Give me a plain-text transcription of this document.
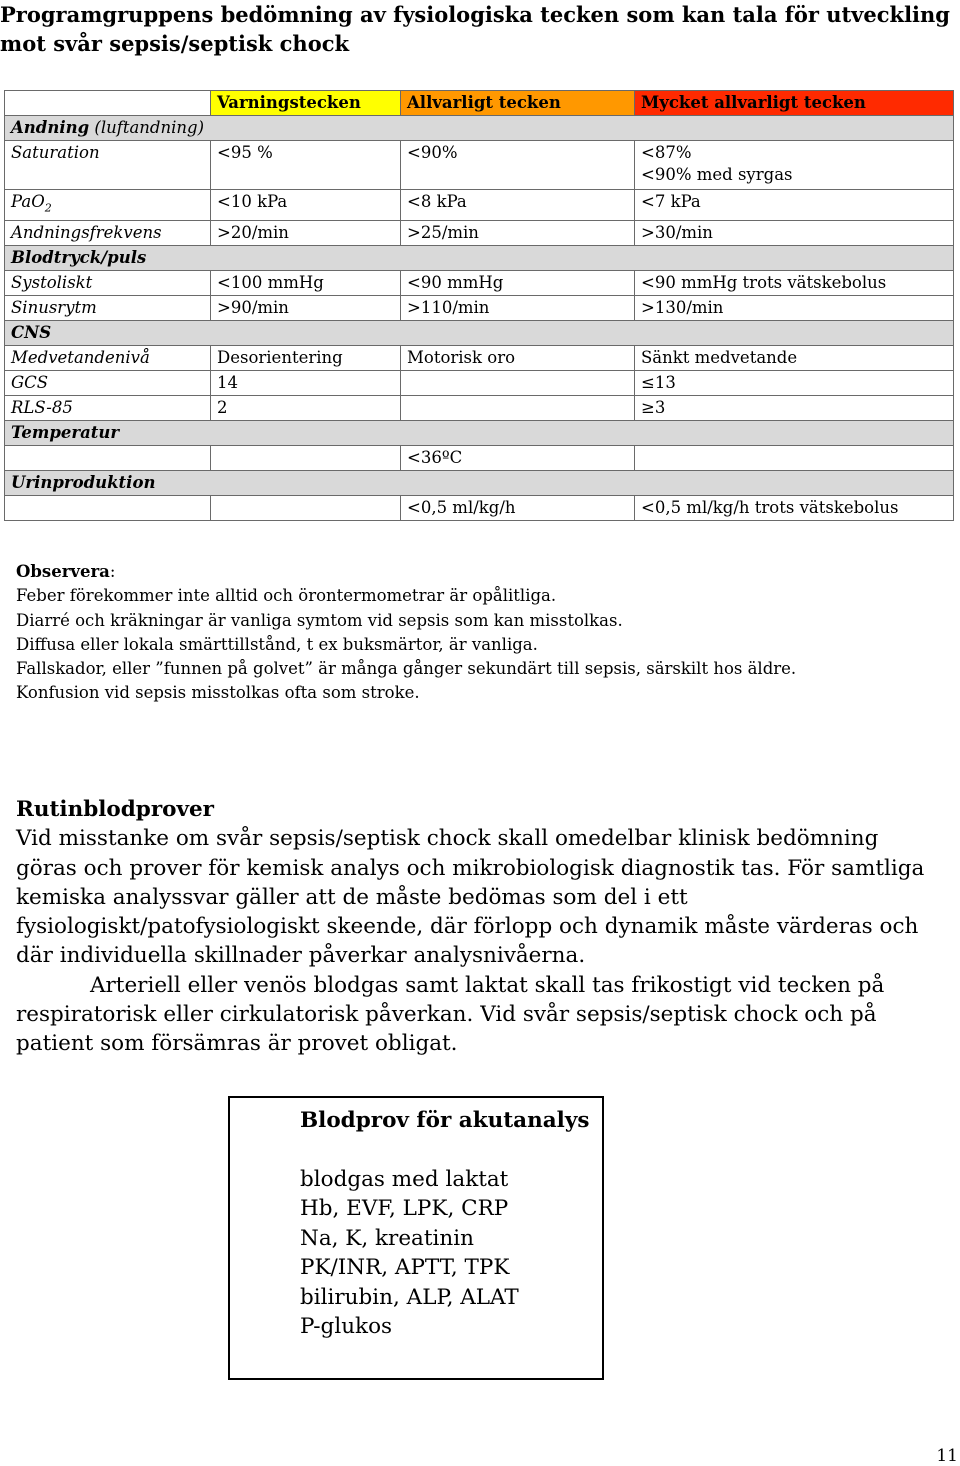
Programgruppens bedömning av fysiologiska tecken som kan tala för utveckling mot svår sepsis/septisk chock
	Varningstecken	Allvarligt tecken	Mycket allvarligt tecken
Andning (luftandning)			
Saturation	<95 %	<90%	<87%
<90% med syrgas

PaO$_2$	<10 kPa	<8 kPa	<7 kPa
Andningsfrekvens	>20/min	>25/min	>30/min
Blodtryck/puls			
Systoliskt	<100 mmHg	<90 mmHg	<90 mmHg trots vätskebolus
Sinusrytm	>90/min	>110/min	>130/min
CNS			
Medvetandenivå	Desorientering	Motorisk oro	Sänkt medvetande
GCS	14		≤13
RLS-85	2		≥3
Temperatur			
		<36ºC	
Urinproduktion			
		<0,5 ml/kg/h	<0,5 ml/kg/h trots vätskebolus
Observera:
Feber förekommer inte alltid och örontermometrar är opålitliga.
Diarré och kräkningar är vanliga symtom vid sepsis som kan misstolkas.
Diffusa eller lokala smärttillstånd, t ex buksmärtor, är vanliga.
Fallskador, eller ”funnen på golvet” är många gånger sekundärt till sepsis, särskilt hos äldre.
Konfusion vid sepsis misstolkas ofta som stroke.
Rutinblodprover

Vid misstanke om svår sepsis/septisk chock skall omedelbar klinisk bedömning göras och prover för kemisk analys och mikrobiologisk diagnostik tas. För samtliga kemiska analyssvar gäller att de måste bedömas som del i ett fysiologiskt/patofysiologiskt skeende, där förlopp och dynamik måste värderas och där individuella skillnader påverkar analysnivåerna.

Arteriell eller venös blodgas samt laktat skall tas frikostigt vid tecken på respiratorisk eller cirkulatorisk påverkan. Vid svår sepsis/septisk chock och på patient som försämras är provet obligat.

Blodprov för akutanalys
blodgas med laktat
Hb, EVF, LPK, CRP
Na, K, kreatinin
PK/INR, APTT, TPK
bilirubin, ALP, ALAT
P-glukos
11
